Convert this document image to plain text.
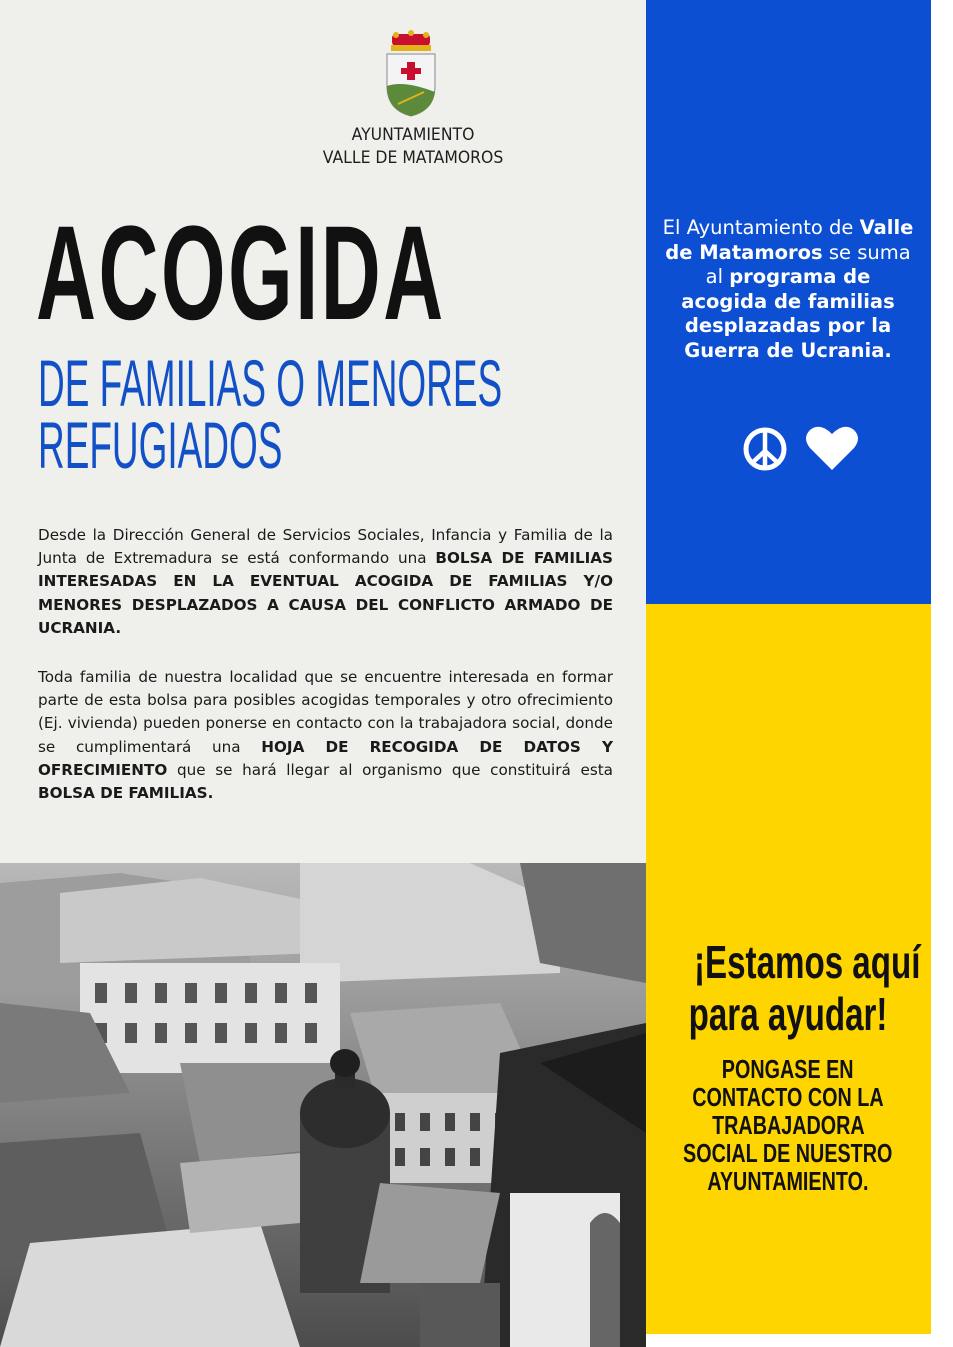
AYUNTAMIENTO
VALLE DE MATAMOROS
ACOGIDA
DE FAMILIAS O MENORES
REFUGIADOS

Desde la Dirección General de Servicios Sociales, Infancia y Familia de la Junta de Extremadura se está conformando una BOLSA DE FAMILIAS INTERESADAS EN LA EVENTUAL ACOGIDA DE FAMILIAS Y/O MENORES DESPLAZADOS A CAUSA DEL CONFLICTO ARMADO DE UCRANIA.

Toda familia de nuestra localidad que se encuentre interesada en formar parte de esta bolsa para posibles acogidas temporales y otro ofrecimiento (Ej. vivienda) pueden ponerse en contacto con la trabajadora social, donde se cumplimentará una HOJA DE RECOGIDA DE DATOS Y OFRECIMIENTO que se hará llegar al organismo que constituirá esta BOLSA DE FAMILIAS.

El Ayuntamiento de Valle de Matamoros se suma al programa de acogida de familias desplazadas por la Guerra de Ucrania.
¡Estamos aquí
para ayudar!
PONGASE EN
CONTACTO CON LA
TRABAJADORA
SOCIAL DE NUESTRO
AYUNTAMIENTO.
